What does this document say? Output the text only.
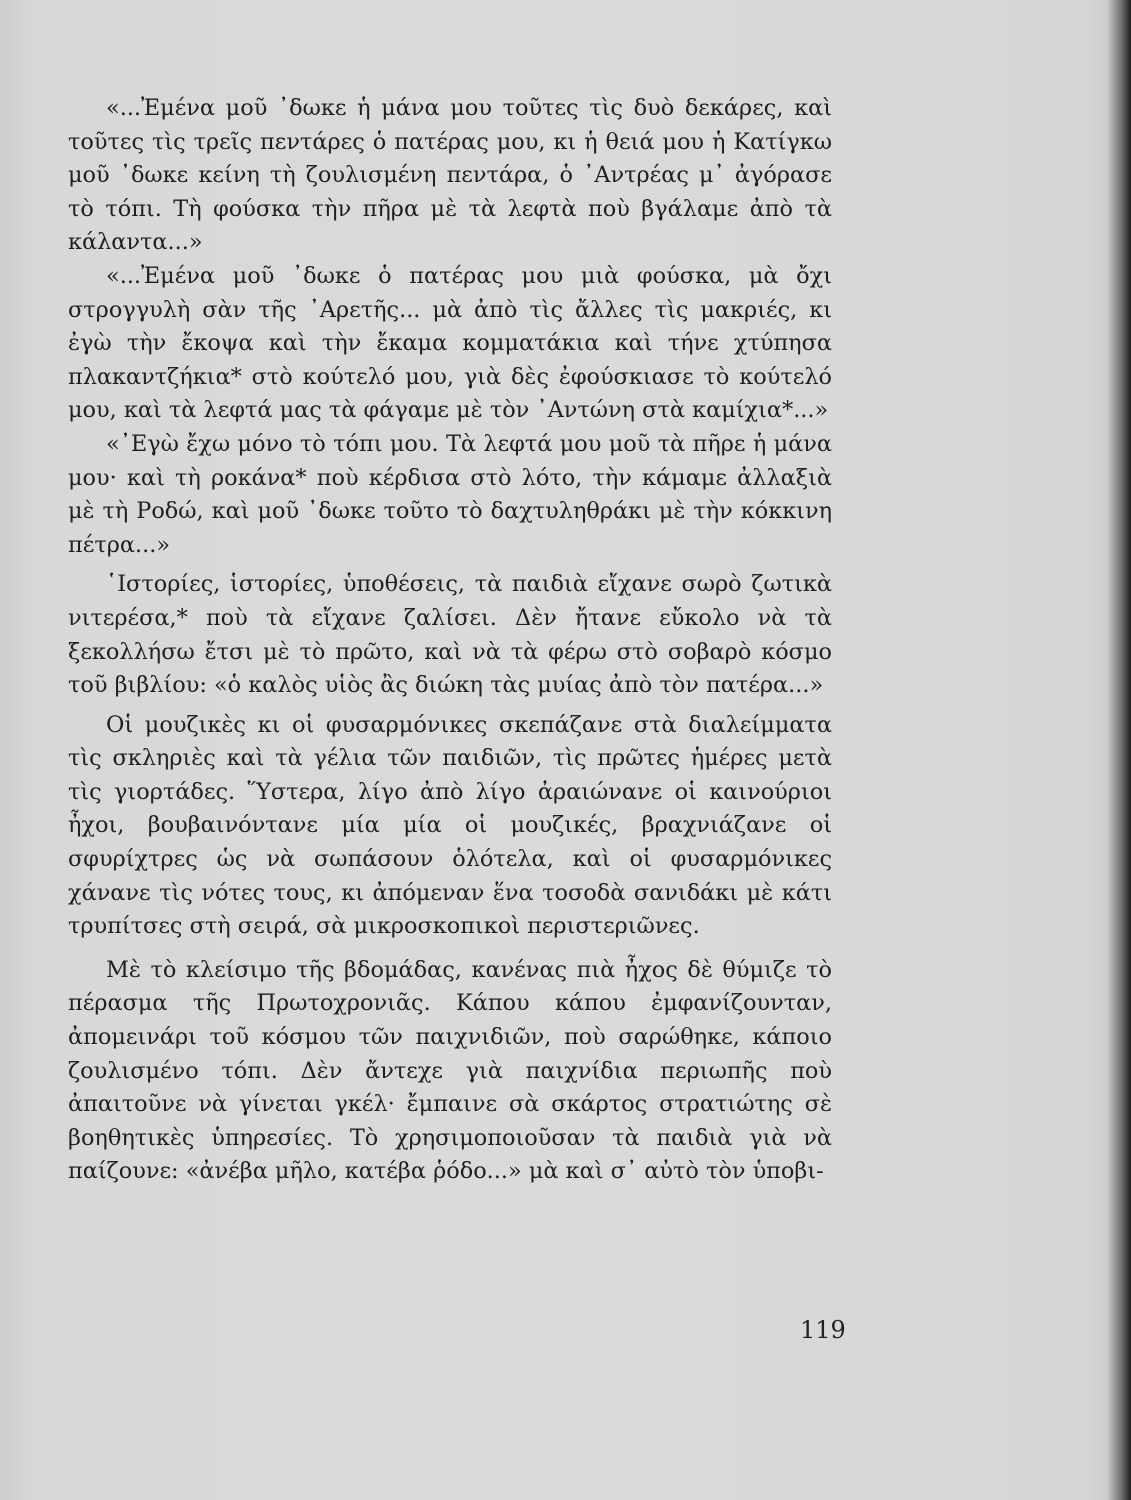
«...Ἐμένα μοῦ ᾿δωκε ἡ μάνα μου τοῦτες τὶς δυὸ δεκάρες, καὶ τοῦτες τὶς τρεῖς πεντάρες ὁ πατέρας μου, κι ἡ θειά μου ἡ Κατίγκω μοῦ ᾿δωκε κείνη τὴ ζουλισμένη πεντάρα, ὁ ᾿Αντρέας μ᾿ ἀγόρασε τὸ τόπι. Τὴ φούσκα τὴν πῆρα μὲ τὰ λεφτὰ ποὺ βγάλαμε ἀπὸ τὰ κάλαντα...»

«...Ἐμένα μοῦ ᾿δωκε ὁ πατέρας μου μιὰ φούσκα, μὰ ὄχι στρογγυλὴ σὰν τῆς ᾿Αρετῆς... μὰ ἀπὸ τὶς ἄλλες τὶς μακριές, κι ἐγὼ τὴν ἔκοψα καὶ τὴν ἔκαμα κομματάκια καὶ τήνε χτύπησα πλακαντζήκια* στὸ κούτελό μου, γιὰ δὲς ἐφούσκιασε τὸ κούτελό μου, καὶ τὰ λεφτά μας τὰ φάγαμε μὲ τὸν ᾿Αντώνη στὰ καμίχια*...»

«᾿Εγὼ ἔχω μόνο τὸ τόπι μου. Τὰ λεφτά μου μοῦ τὰ πῆρε ἡ μάνα μου· καὶ τὴ ροκάνα* ποὺ κέρδισα στὸ λότο, τὴν κάμαμε ἀλλαξιὰ μὲ τὴ Ροδώ, καὶ μοῦ ᾿δωκε τοῦτο τὸ δαχτυληθράκι μὲ τὴν κόκκινη πέτρα...»

῾Ιστορίες, ἱστορίες, ὑποθέσεις, τὰ παιδιὰ εἴχανε σωρὸ ζωτικὰ νιτερέσα,* ποὺ τὰ εἴχανε ζαλίσει. Δὲν ἤτανε εὔκολο νὰ τὰ ξεκολλήσω ἔτσι μὲ τὸ πρῶτο, καὶ νὰ τὰ φέρω στὸ σοβαρὸ κόσμο τοῦ βιβλίου: «ὁ καλὸς υἱὸς ἂς διώκη τὰς μυίας ἀπὸ τὸν πατέρα...»

Οἱ μουζικὲς κι οἱ φυσαρμόνικες σκεπάζανε στὰ διαλείμματα τὶς σκληριὲς καὶ τὰ γέλια τῶν παιδιῶν, τὶς πρῶτες ἡμέρες μετὰ τὶς γιορτάδες. Ὕστερα, λίγο ἀπὸ λίγο ἀραιώνανε οἱ καινούριοι ἦχοι, βουβαινόντανε μία μία οἱ μουζικές, βραχνιάζανε οἱ σφυρίχτρες ὡς νὰ σωπάσουν ὁλότελα, καὶ οἱ φυσαρμόνικες χάνανε τὶς νότες τους, κι ἀπόμεναν ἕνα τοσοδὰ σανιδάκι μὲ κάτι τρυπίτσες στὴ σειρά, σὰ μικροσκοπικοὶ περιστεριῶνες.

Μὲ τὸ κλείσιμο τῆς βδομάδας, κανένας πιὰ ἦχος δὲ θύμιζε τὸ πέρασμα τῆς Πρωτοχρονιᾶς. Κάπου κάπου ἐμφανίζουνταν, ἀπομεινάρι τοῦ κόσμου τῶν παιχνιδιῶν, ποὺ σαρώθηκε, κάποιο ζουλισμένο τόπι. Δὲν ἄντεχε γιὰ παιχνίδια περιωπῆς ποὺ ἀπαιτοῦνε νὰ γίνεται γκέλ· ἔμπαινε σὰ σκάρτος στρατιώτης σὲ βοηθητικὲς ὑπηρεσίες. Τὸ χρησιμοποιοῦσαν τὰ παιδιὰ γιὰ νὰ παίζουνε: «ἀνέβα μῆλο, κατέβα ῥόδο...» μὰ καὶ σ᾿ αὐτὸ τὸν ὑποβι-

119
